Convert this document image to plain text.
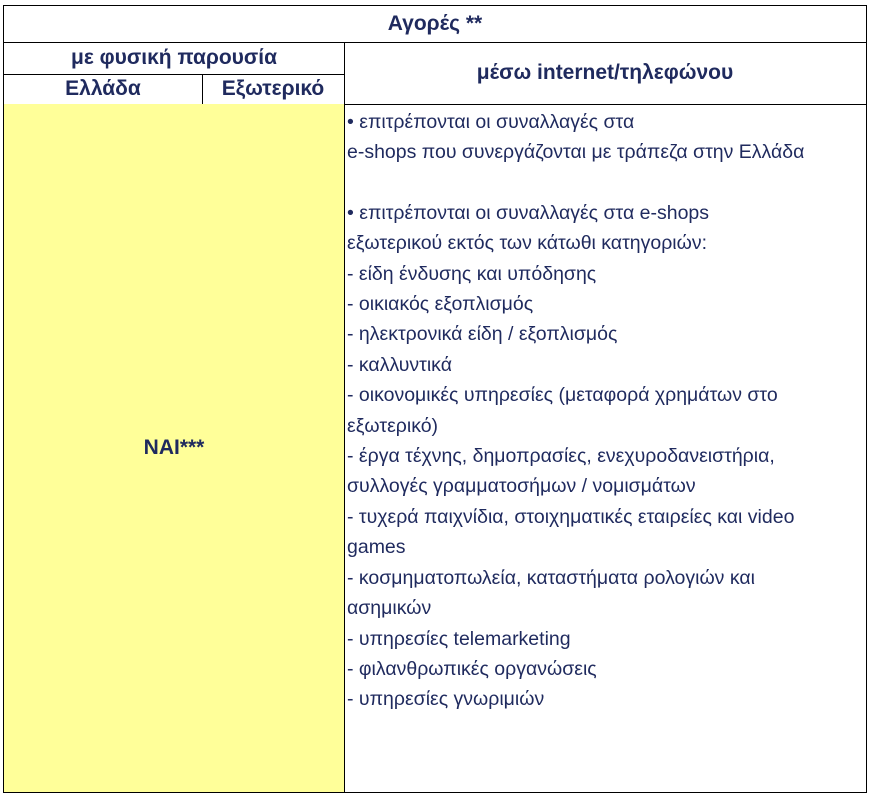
Αγορές **
με φυσική παρουσία
Ελλάδα	Εξωτερικό
μέσω internet/τηλεφώνου
ΝΑΙ***
• επιτρέπονται οι συναλλαγές στα
e-shops που συνεργάζονται με τράπεζα στην Ελλάδα
• επιτρέπονται οι συναλλαγές στα e-shops
εξωτερικού εκτός των κάτωθι κατηγοριών:
- είδη ένδυσης και υπόδησης
- οικιακός εξοπλισμός
- ηλεκτρονικά είδη / εξοπλισμός
- καλλυντικά
- οικονομικές υπηρεσίες (μεταφορά χρημάτων στο
εξωτερικό)
- έργα τέχνης, δημοπρασίες, ενεχυροδανειστήρια,
συλλογές γραμματοσήμων / νομισμάτων
- τυχερά παιχνίδια, στοιχηματικές εταιρείες και video
games
- κοσμηματοπωλεία, καταστήματα ρολογιών και
ασημικών
- υπηρεσίες telemarketing
- φιλανθρωπικές οργανώσεις
- υπηρεσίες γνωριμιών
